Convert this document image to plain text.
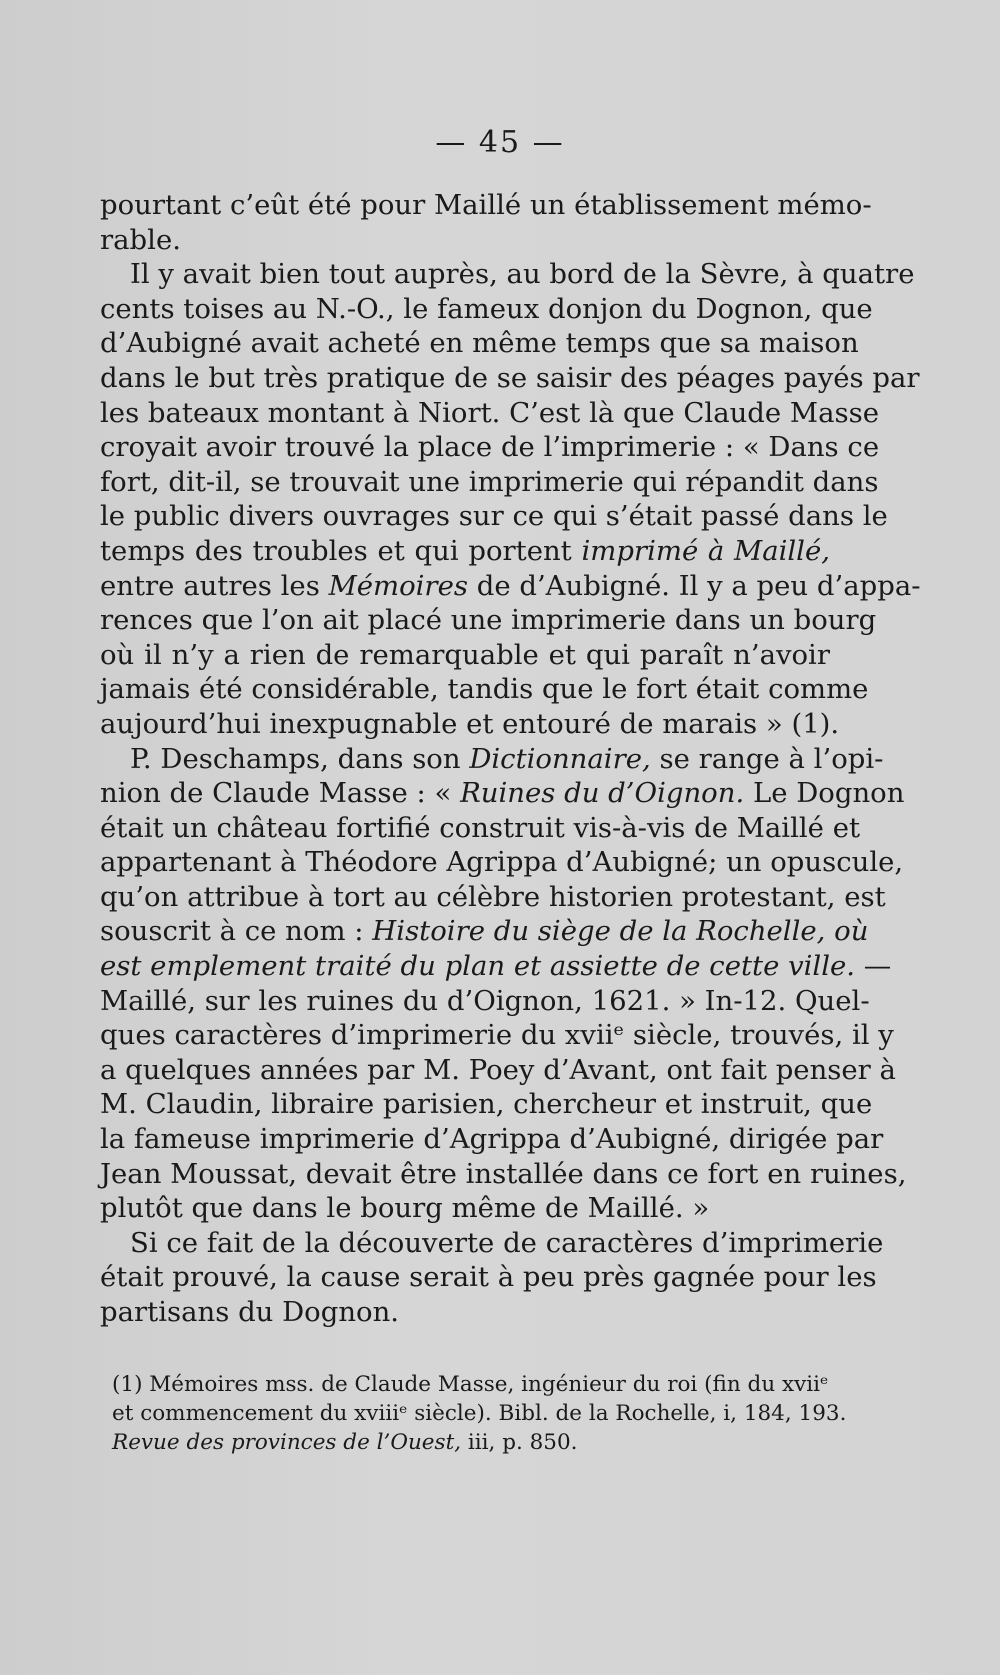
— 45 —
pourtant c’eût été pour Maillé un établissement mémo-
rable.
Il y avait bien tout auprès, au bord de la Sèvre, à quatre
cents toises au N.-O., le fameux donjon du Dognon, que
d’Aubigné avait acheté en même temps que sa maison
dans le but très pratique de se saisir des péages payés par
les bateaux montant à Niort. C’est là que Claude Masse
croyait avoir trouvé la place de l’imprimerie : « Dans ce
fort, dit-il, se trouvait une imprimerie qui répandit dans
le public divers ouvrages sur ce qui s’était passé dans le
temps des troubles et qui portent imprimé à Maillé,
entre autres les Mémoires de d’Aubigné. Il y a peu d’appa-
rences que l’on ait placé une imprimerie dans un bourg
où il n’y a rien de remarquable et qui paraît n’avoir
jamais été considérable, tandis que le fort était comme
aujourd’hui inexpugnable et entouré de marais » (1).
P. Deschamps, dans son Dictionnaire, se range à l’opi-
nion de Claude Masse : « Ruines du d’Oignon. Le Dognon
était un château fortifié construit vis-à-vis de Maillé et
appartenant à Théodore Agrippa d’Aubigné; un opuscule,
qu’on attribue à tort au célèbre historien protestant, est
souscrit à ce nom : Histoire du siège de la Rochelle, où
est emplement traité du plan et assiette de cette ville. —
Maillé, sur les ruines du d’Oignon, 1621. » In-12. Quel-
ques caractères d’imprimerie du xviiᵉ siècle, trouvés, il y
a quelques années par M. Poey d’Avant, ont fait penser à
M. Claudin, libraire parisien, chercheur et instruit, que
la fameuse imprimerie d’Agrippa d’Aubigné, dirigée par
Jean Moussat, devait être installée dans ce fort en ruines,
plutôt que dans le bourg même de Maillé. »
Si ce fait de la découverte de caractères d’imprimerie
était prouvé, la cause serait à peu près gagnée pour les
partisans du Dognon.
(1) Mémoires mss. de Claude Masse, ingénieur du roi (fin du xviiᵉ
et commencement du xviiiᵉ siècle). Bibl. de la Rochelle, i, 184, 193.
Revue des provinces de l’Ouest, iii, p. 850.
